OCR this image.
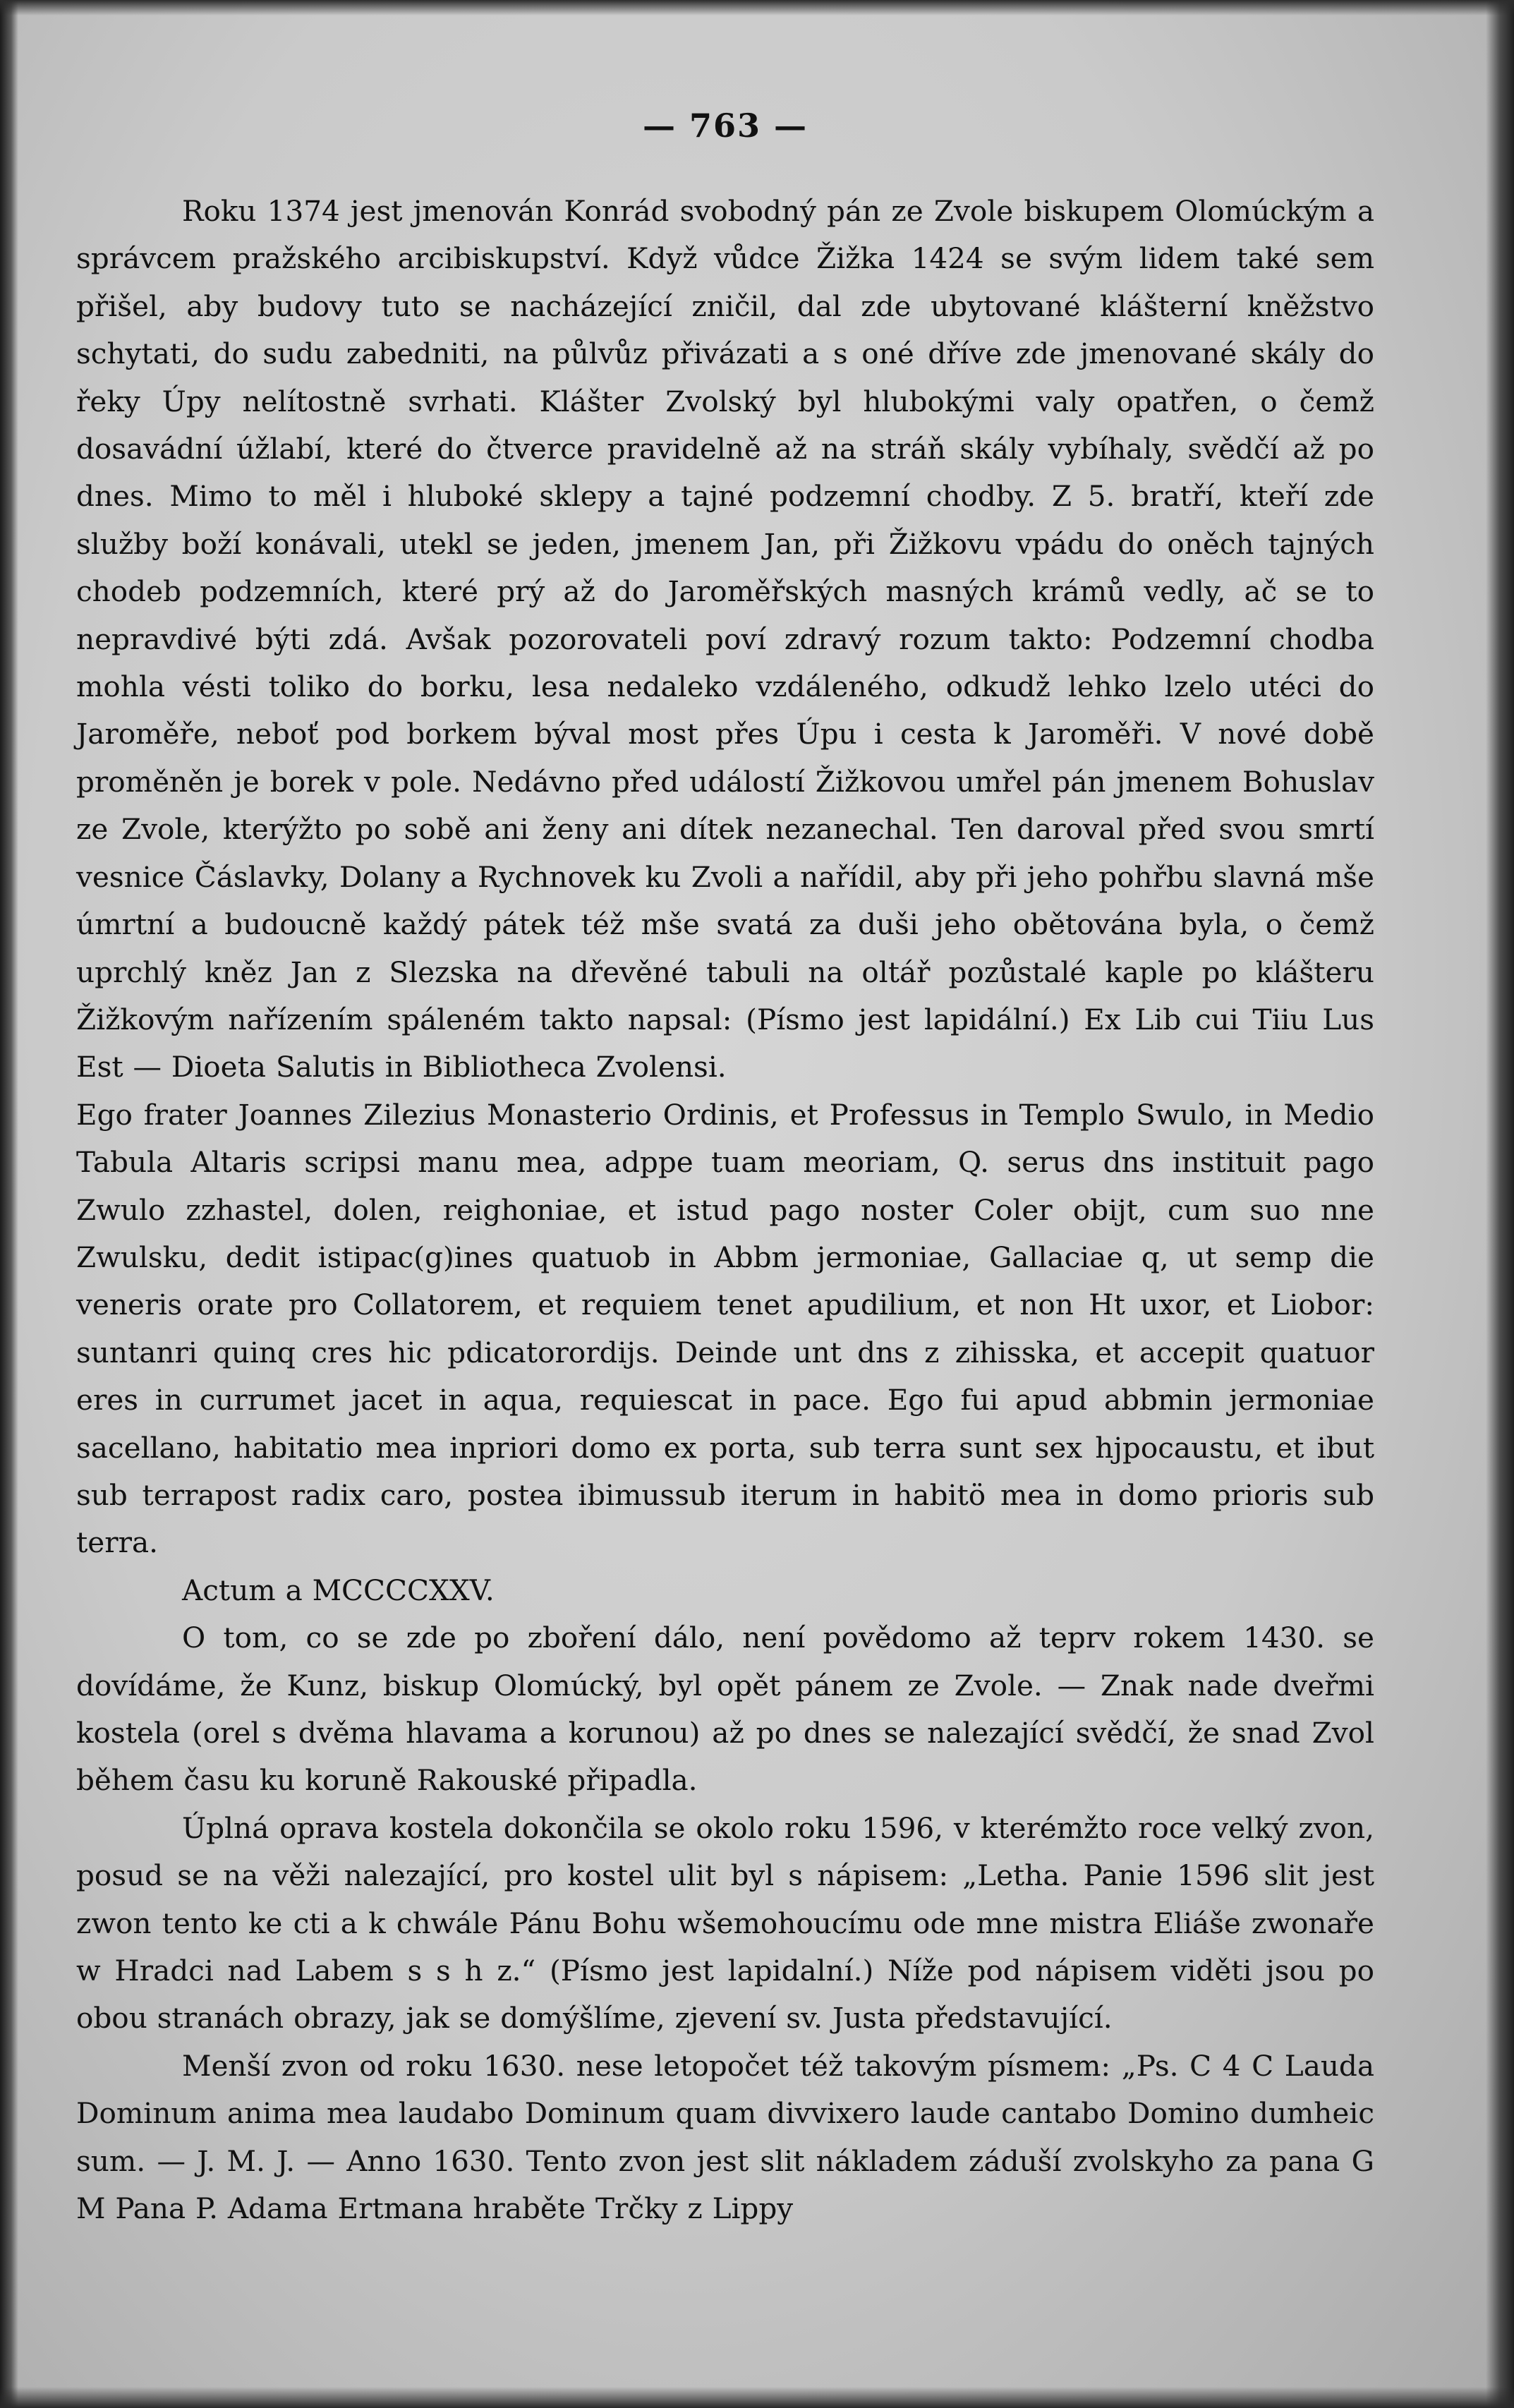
— 763 —

Roku 1374 jest jmenován Konrád svobodný pán ze Zvole biskupem Olomúckým a správcem pražského arcibiskupství. Když vůdce Žižka 1424 se svým lidem také sem přišel, aby budovy tuto se nacházející zničil, dal zde ubytované klášterní kněžstvo schytati, do sudu zabedniti, na půlvůz přivázati a s oné dříve zde jmenované skály do řeky Úpy nelítostně svrhati. Klášter Zvolský byl hlubokými valy opatřen, o čemž dosavádní úžlabí, které do čtverce pravidelně až na stráň skály vybíhaly, svědčí až po dnes. Mimo to měl i hluboké sklepy a tajné podzemní chodby. Z 5. bratří, kteří zde služby boží konávali, utekl se jeden, jmenem Jan, při Žižkovu vpádu do oněch tajných chodeb podzemních, které prý až do Jaroměřských masných krámů vedly, ač se to nepravdivé býti zdá. Avšak pozorovateli poví zdravý rozum takto: Podzemní chodba mohla vésti toliko do borku, lesa nedaleko vzdáleného, odkudž lehko lzelo utéci do Jaroměře, neboť pod borkem býval most přes Úpu i cesta k Jaroměři. V nové době proměněn je borek v pole. Nedávno před událostí Žižkovou umřel pán jmenem Bohuslav ze Zvole, kterýžto po sobě ani ženy ani dítek nezanechal. Ten daroval před svou smrtí vesnice Čáslavky, Dolany a Rychnovek ku Zvoli a nařídil, aby při jeho pohřbu slavná mše úmrtní a budoucně každý pátek též mše svatá za duši jeho obětována byla, o čemž uprchlý kněz Jan z Slezska na dřevěné tabuli na oltář pozůstalé kaple po klášteru Žižkovým nařízením spáleném takto napsal: (Písmo jest lapidální.) Ex Lib cui Tiiu Lus Est — Dioeta Salutis in Bibliotheca Zvolensi.

Ego frater Joannes Zilezius Monasterio Ordinis, et Professus in Templo Swulo, in Medio Tabula Altaris scripsi manu mea, adppe tuam meoriam, Q. serus dns instituit pago Zwulo zzhastel, dolen, reighoniae, et istud pago noster Coler obijt, cum suo nne Zwulsku, dedit istipac(g)ines quatuob in Abbm jermoniae, Gallaciae q, ut semp die veneris orate pro Collatorem, et requiem tenet apudilium, et non Ht uxor, et Liobor: suntanri quinq cres hic pdicatorordijs. Deinde unt dns z zihisska, et accepit quatuor eres in currumet jacet in aqua, requiescat in pace. Ego fui apud abbmin jermoniae sacellano, habitatio mea inpriori domo ex porta, sub terra sunt sex hjpocaustu, et ibut sub terrapost radix caro, postea ibimussub iterum in habitö mea in domo prioris sub terra.

Actum a MCCCCXXV.

O tom, co se zde po zboření dálo, není povědomo až teprv rokem 1430. se dovídáme, že Kunz, biskup Olomúcký, byl opět pánem ze Zvole. — Znak nade dveřmi kostela (orel s dvěma hlavama a korunou) až po dnes se nalezající svědčí, že snad Zvol během času ku koruně Rakouské připadla.

Úplná oprava kostela dokončila se okolo roku 1596, v kterémžto roce velký zvon, posud se na věži nalezající, pro kostel ulit byl s nápisem: „Letha. Panie 1596 slit jest zwon tento ke cti a k chwále Pánu Bohu wšemohoucímu ode mne mistra Eliáše zwonaře w Hradci nad Labem s s h z.“ (Písmo jest lapidalní.) Níže pod nápisem viděti jsou po obou stranách obrazy, jak se domýšlíme, zjevení sv. Justa představující.

Menší zvon od roku 1630. nese letopočet též takovým písmem: „Ps. C 4 C Lauda Dominum anima mea laudabo Dominum quam divvixero laude cantabo Domino dumheic sum. — J. M. J. — Anno 1630. Tento zvon jest slit nákladem záduší zvolskyho za pana G M Pana P. Adama Ertmana hraběte Trčky z Lippy
